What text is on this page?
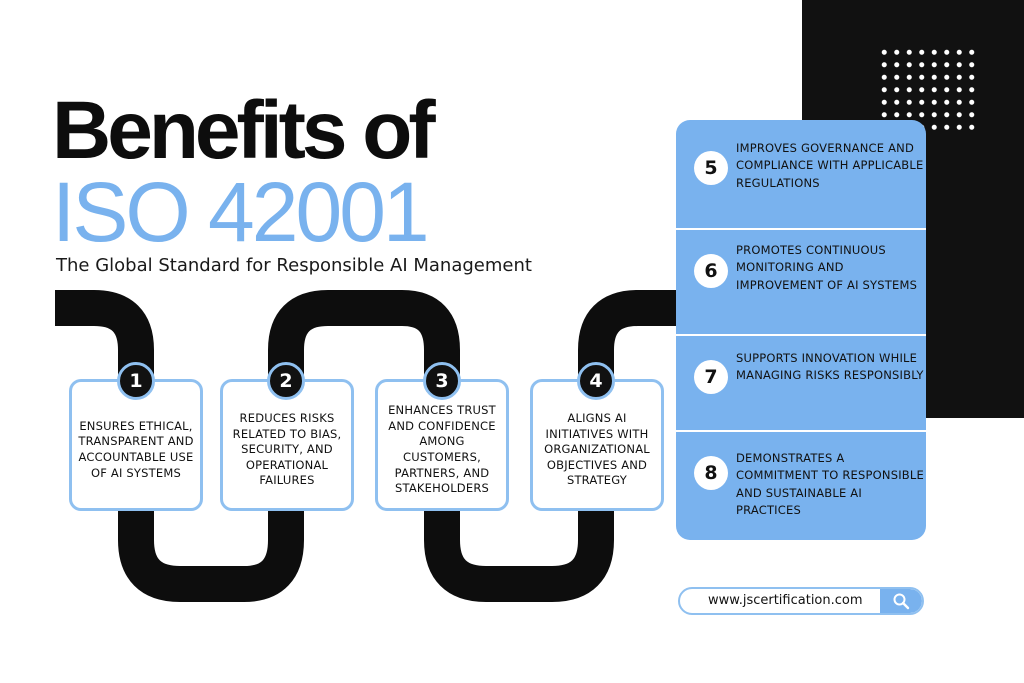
Benefits of
ISO 42001
The Global Standard for Responsible AI Management
ENSURES ETHICAL, TRANSPARENT AND ACCOUNTABLE USE OF AI SYSTEMS
1
REDUCES RISKS RELATED TO BIAS, SECURITY, AND OPERATIONAL FAILURES
2
ENHANCES TRUST AND CONFIDENCE AMONG CUSTOMERS, PARTNERS, AND STAKEHOLDERS
3
ALIGNS AI INITIATIVES WITH ORGANIZATIONAL OBJECTIVES AND STRATEGY
4
5
IMPROVES GOVERNANCE AND COMPLIANCE WITH APPLICABLE REGULATIONS
6
PROMOTES CONTINUOUS MONITORING AND IMPROVEMENT OF AI SYSTEMS
7
SUPPORTS INNOVATION WHILE MANAGING RISKS RESPONSIBLY
8
DEMONSTRATES A COMMITMENT TO RESPONSIBLE AND SUSTAINABLE AI PRACTICES
www.jscertification.com
